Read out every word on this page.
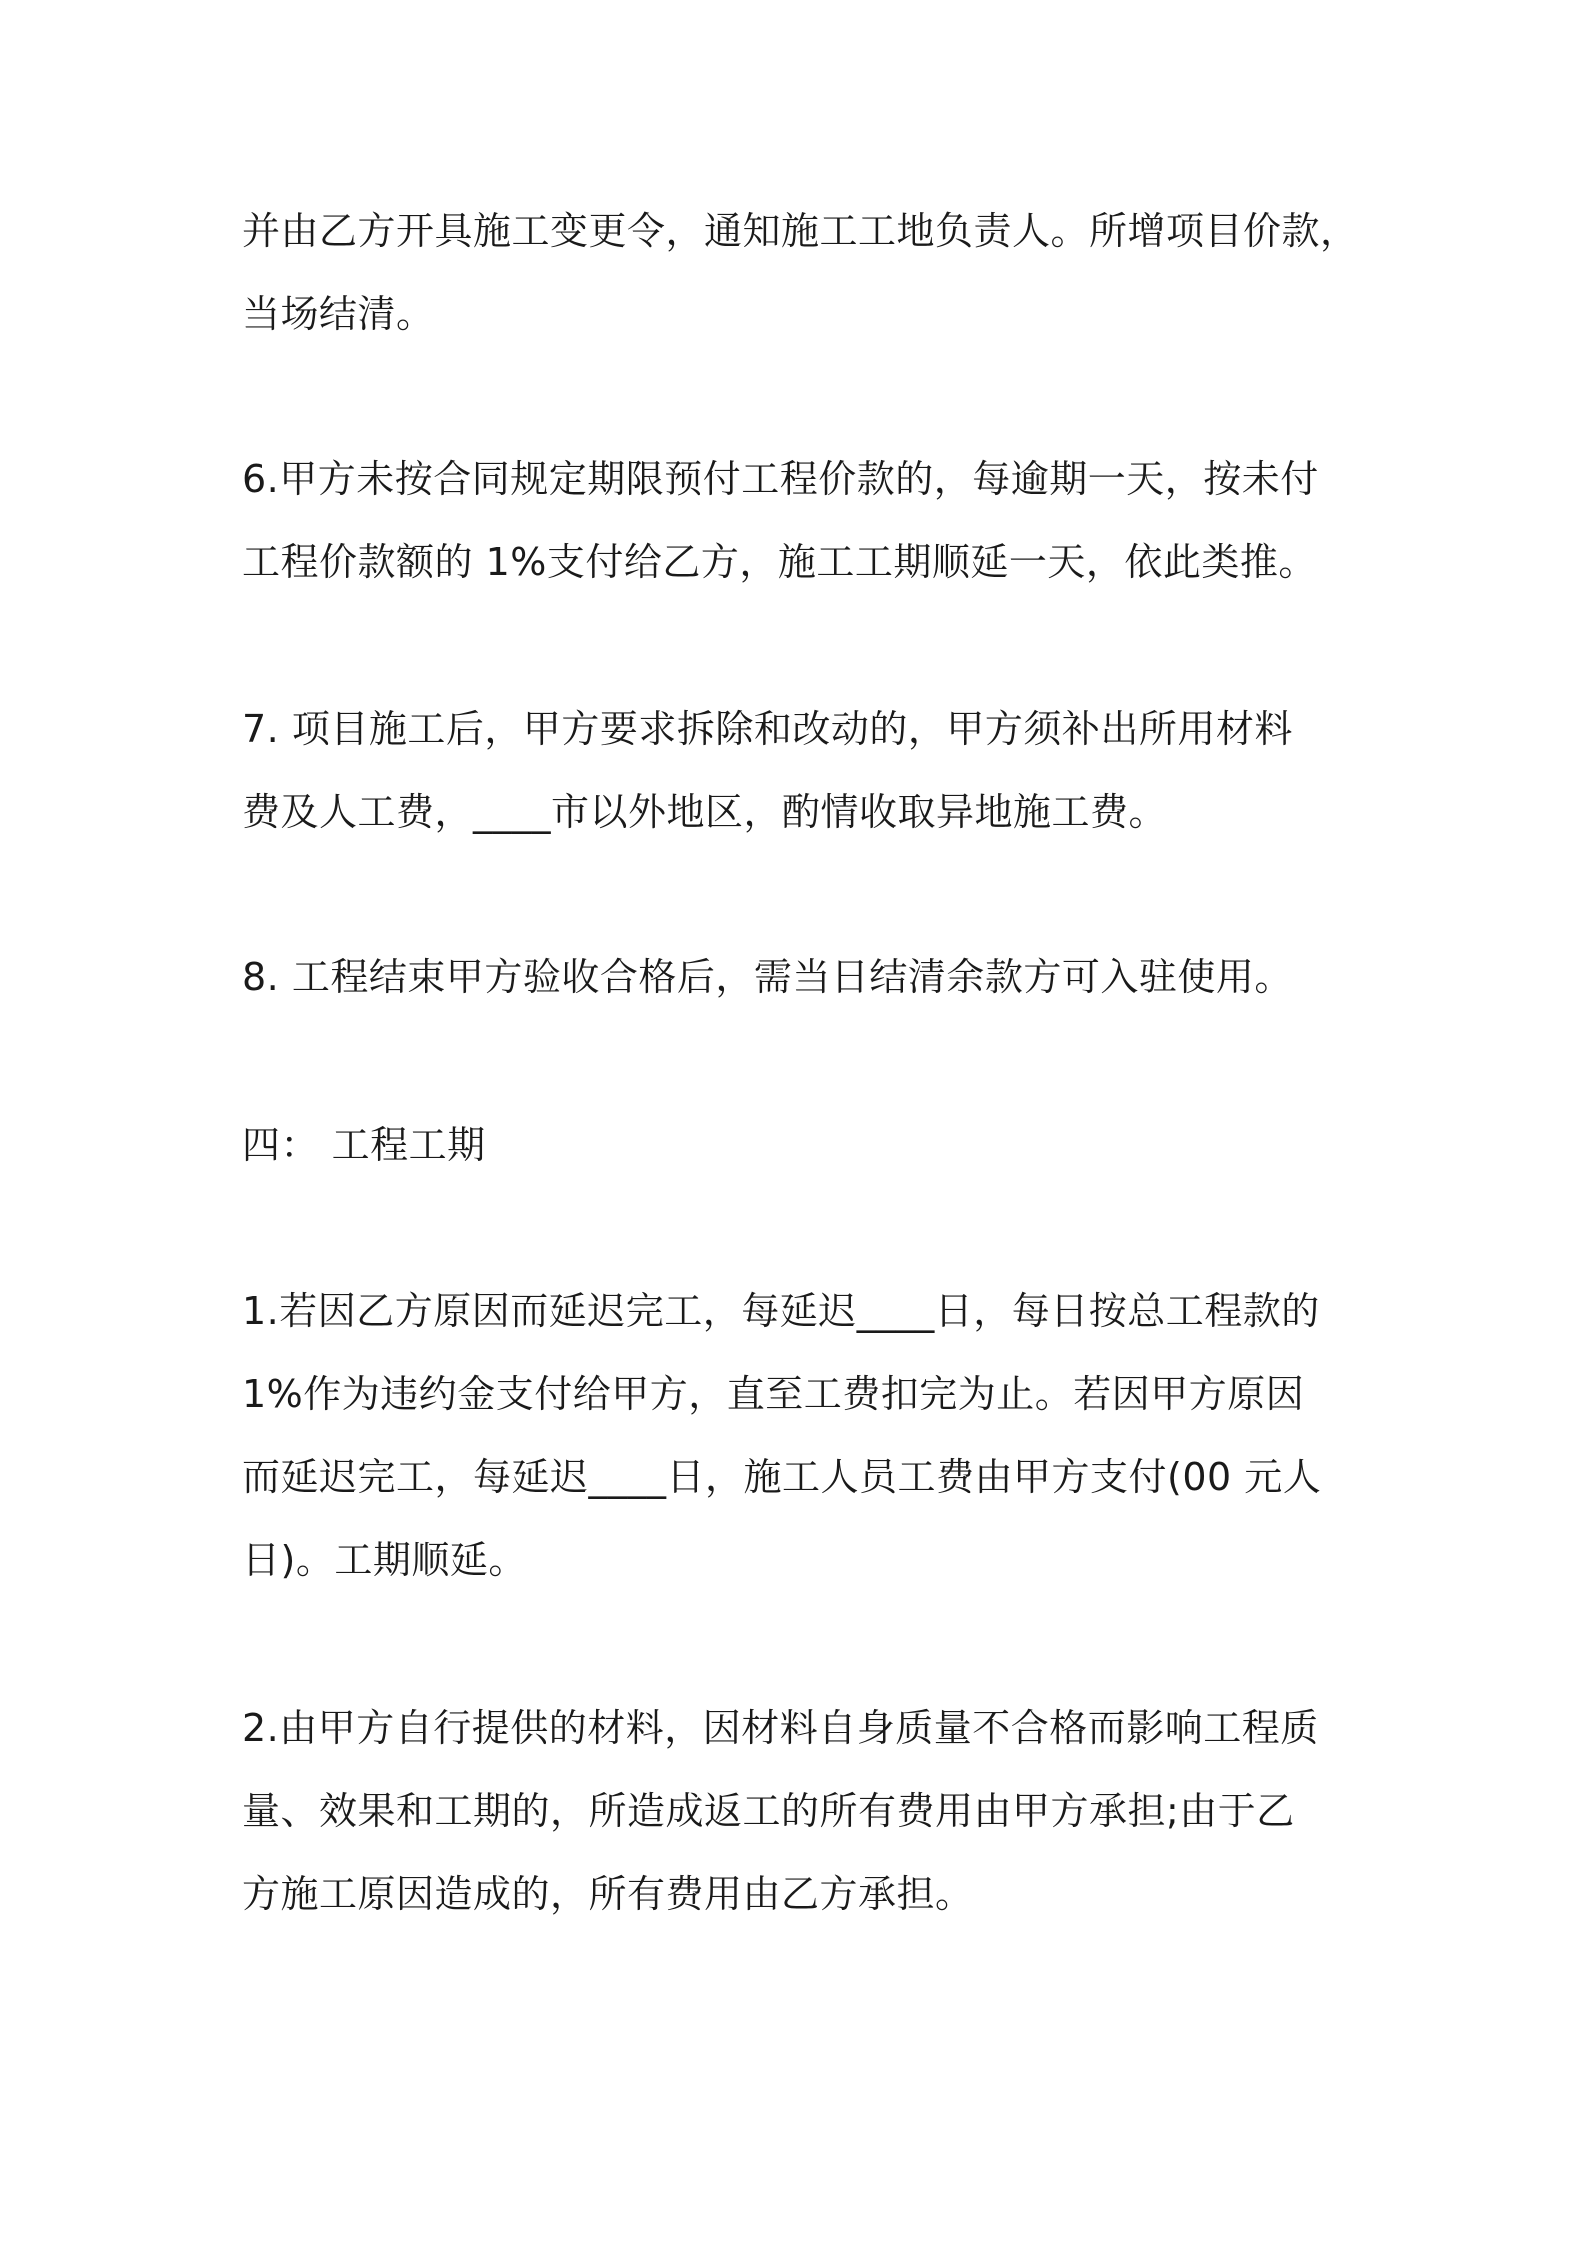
并由乙方开具施工变更令，通知施工工地负责人。所增项目价款，
当场结清。
6.甲方未按合同规定期限预付工程价款的，每逾期一天，按未付
工程价款额的 1%支付给乙方，施工工期顺延一天，依此类推。
7. 项目施工后，甲方要求拆除和改动的，甲方须补出所用材料
费及人工费，____市以外地区，酌情收取异地施工费。
8. 工程结束甲方验收合格后，需当日结清余款方可入驻使用。
四： 工程工期
1.若因乙方原因而延迟完工，每延迟____日，每日按总工程款的
1%作为违约金支付给甲方，直至工费扣完为止。若因甲方原因
而延迟完工，每延迟____日，施工人员工费由甲方支付(00 元人
日)。工期顺延。
2.由甲方自行提供的材料，因材料自身质量不合格而影响工程质
量、效果和工期的，所造成返工的所有费用由甲方承担;由于乙
方施工原因造成的，所有费用由乙方承担。
